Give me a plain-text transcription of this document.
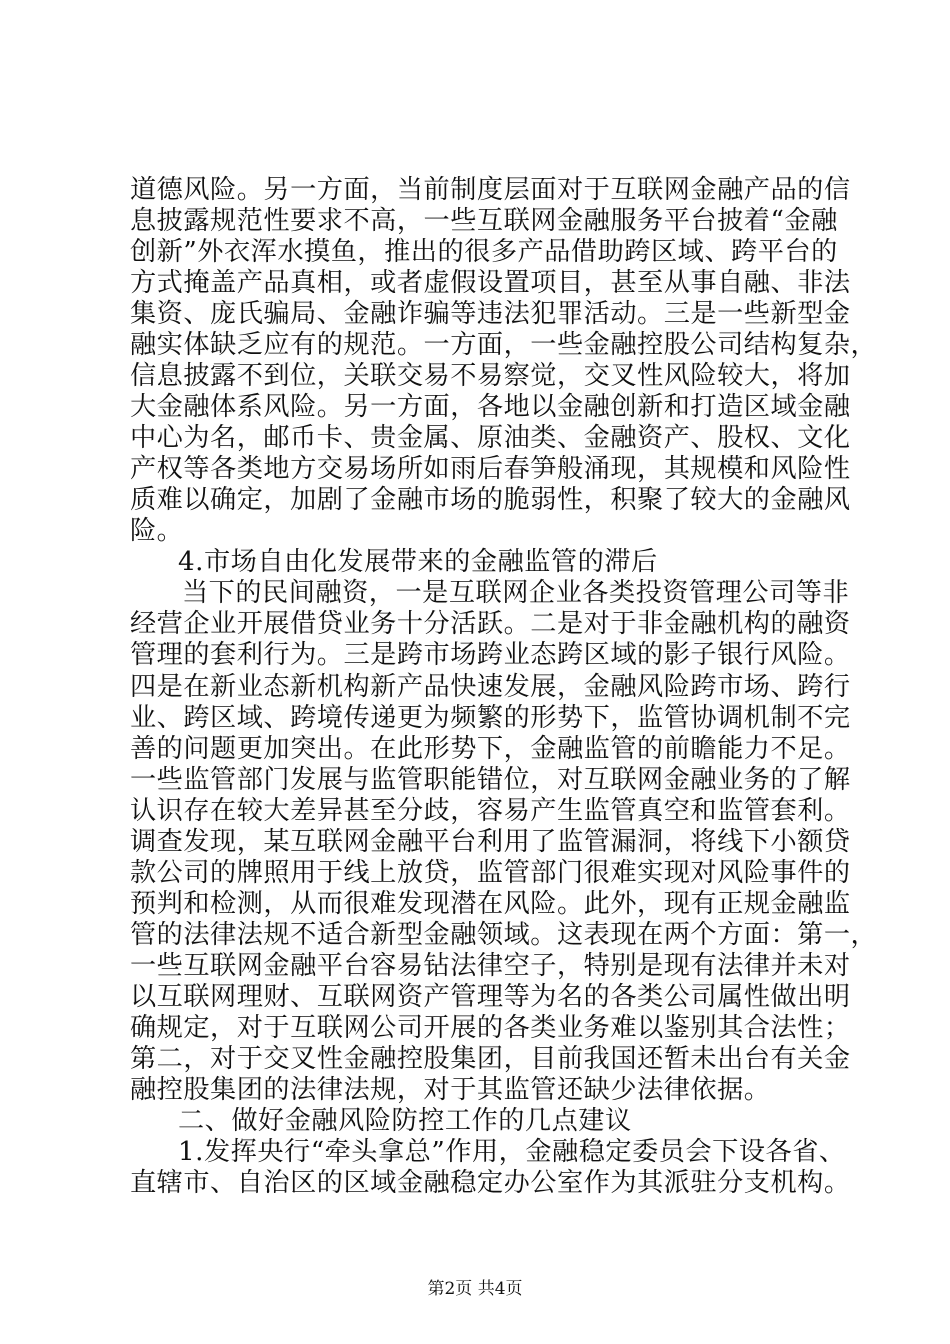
道德风险。另一方面，当前制度层面对于互联网金融产品的信
息披露规范性要求不高，一些互联网金融服务平台披着“金融
创新”外衣浑水摸鱼，推出的很多产品借助跨区域、跨平台的
方式掩盖产品真相，或者虚假设置项目，甚至从事自融、非法
集资、庞氏骗局、金融诈骗等违法犯罪活动。三是一些新型金
融实体缺乏应有的规范。一方面，一些金融控股公司结构复杂，
信息披露不到位，关联交易不易察觉，交叉性风险较大，将加
大金融体系风险。另一方面，各地以金融创新和打造区域金融
中心为名，邮币卡、贵金属、原油类、金融资产、股权、文化
产权等各类地方交易场所如雨后春笋般涌现，其规模和风险性
质难以确定，加剧了金融市场的脆弱性，积聚了较大的金融风
险。
4.市场自由化发展带来的金融监管的滞后
当下的民间融资，一是互联网企业各类投资管理公司等非
经营企业开展借贷业务十分活跃。二是对于非金融机构的融资
管理的套利行为。三是跨市场跨业态跨区域的影子银行风险。
四是在新业态新机构新产品快速发展，金融风险跨市场、跨行
业、跨区域、跨境传递更为频繁的形势下，监管协调机制不完
善的问题更加突出。在此形势下，金融监管的前瞻能力不足。
一些监管部门发展与监管职能错位，对互联网金融业务的了解
认识存在较大差异甚至分歧，容易产生监管真空和监管套利。
调查发现，某互联网金融平台利用了监管漏洞，将线下小额贷
款公司的牌照用于线上放贷，监管部门很难实现对风险事件的
预判和检测，从而很难发现潜在风险。此外，现有正规金融监
管的法律法规不适合新型金融领域。这表现在两个方面：第一，
一些互联网金融平台容易钻法律空子，特别是现有法律并未对
以互联网理财、互联网资产管理等为名的各类公司属性做出明
确规定，对于互联网公司开展的各类业务难以鉴别其合法性；
第二，对于交叉性金融控股集团，目前我国还暂未出台有关金
融控股集团的法律法规，对于其监管还缺少法律依据。
二、做好金融风险防控工作的几点建议
1.发挥央行“牵头拿总”作用，金融稳定委员会下设各省、
直辖市、自治区的区域金融稳定办公室作为其派驻分支机构。
第2页 共4页
